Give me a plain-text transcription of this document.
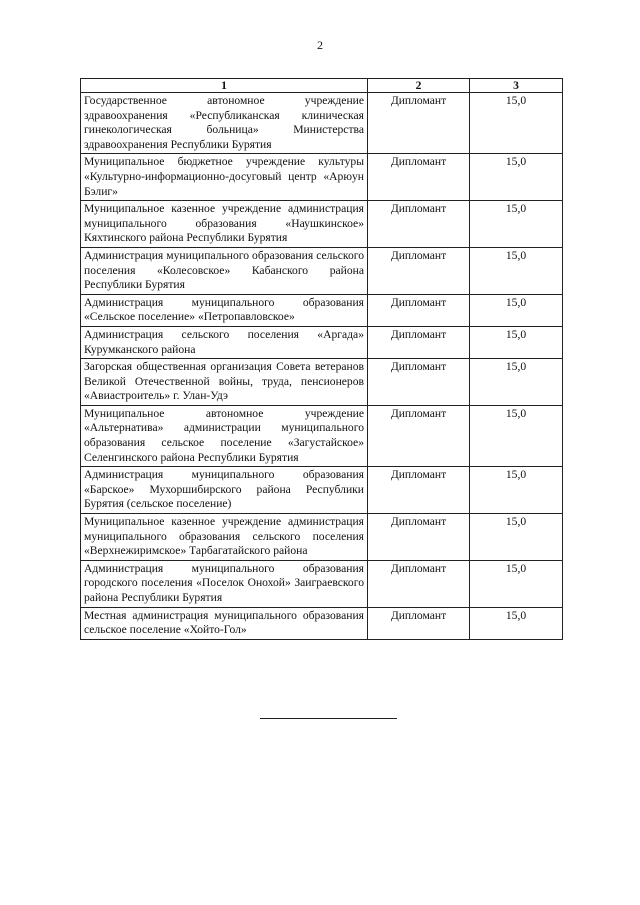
2
1	2	3
Государственное автономное учреждение здравоохранения «Республиканская клиническая гинекологическая больница» Министерства здравоохранения Республики Бурятия	Дипломант	15,0
Муниципальное бюджетное учреждение культуры «Культурно-информационно-досуговый центр «Арюун Бэлиг»	Дипломант	15,0
Муниципальное казенное учреждение администрация муниципального образования «Наушкинское» Кяхтинского района Республики Бурятия	Дипломант	15,0
Администрация муниципального образования сельского поселения «Колесовское» Кабанского района Республики Бурятия	Дипломант	15,0
Администрация муниципального образования «Сельское поселение» «Петропавловское»	Дипломант	15,0
Администрация сельского поселения «Аргада» Курумканского района	Дипломант	15,0
Загорская общественная организация Совета ветеранов Великой Отечественной войны, труда, пенсионеров «Авиастроитель» г. Улан-Удэ	Дипломант	15,0
Муниципальное автономное учреждение «Альтернатива» администрации муниципального образования сельское поселение «Загустайское» Селенгинского района Республики Бурятия	Дипломант	15,0
Администрация муниципального образования «Барское» Мухоршибирского района Республики Бурятия (сельское поселение)	Дипломант	15,0
Муниципальное казенное учреждение администрация муниципального образования сельского поселения «Верхнежиримское» Тарбагатайского района	Дипломант	15,0
Администрация муниципального образования городского поселения «Поселок Онохой» Заиграевского района Республики Бурятия	Дипломант	15,0
Местная администрация муниципального образования сельское поселение «Хойто-Гол»	Дипломант	15,0
